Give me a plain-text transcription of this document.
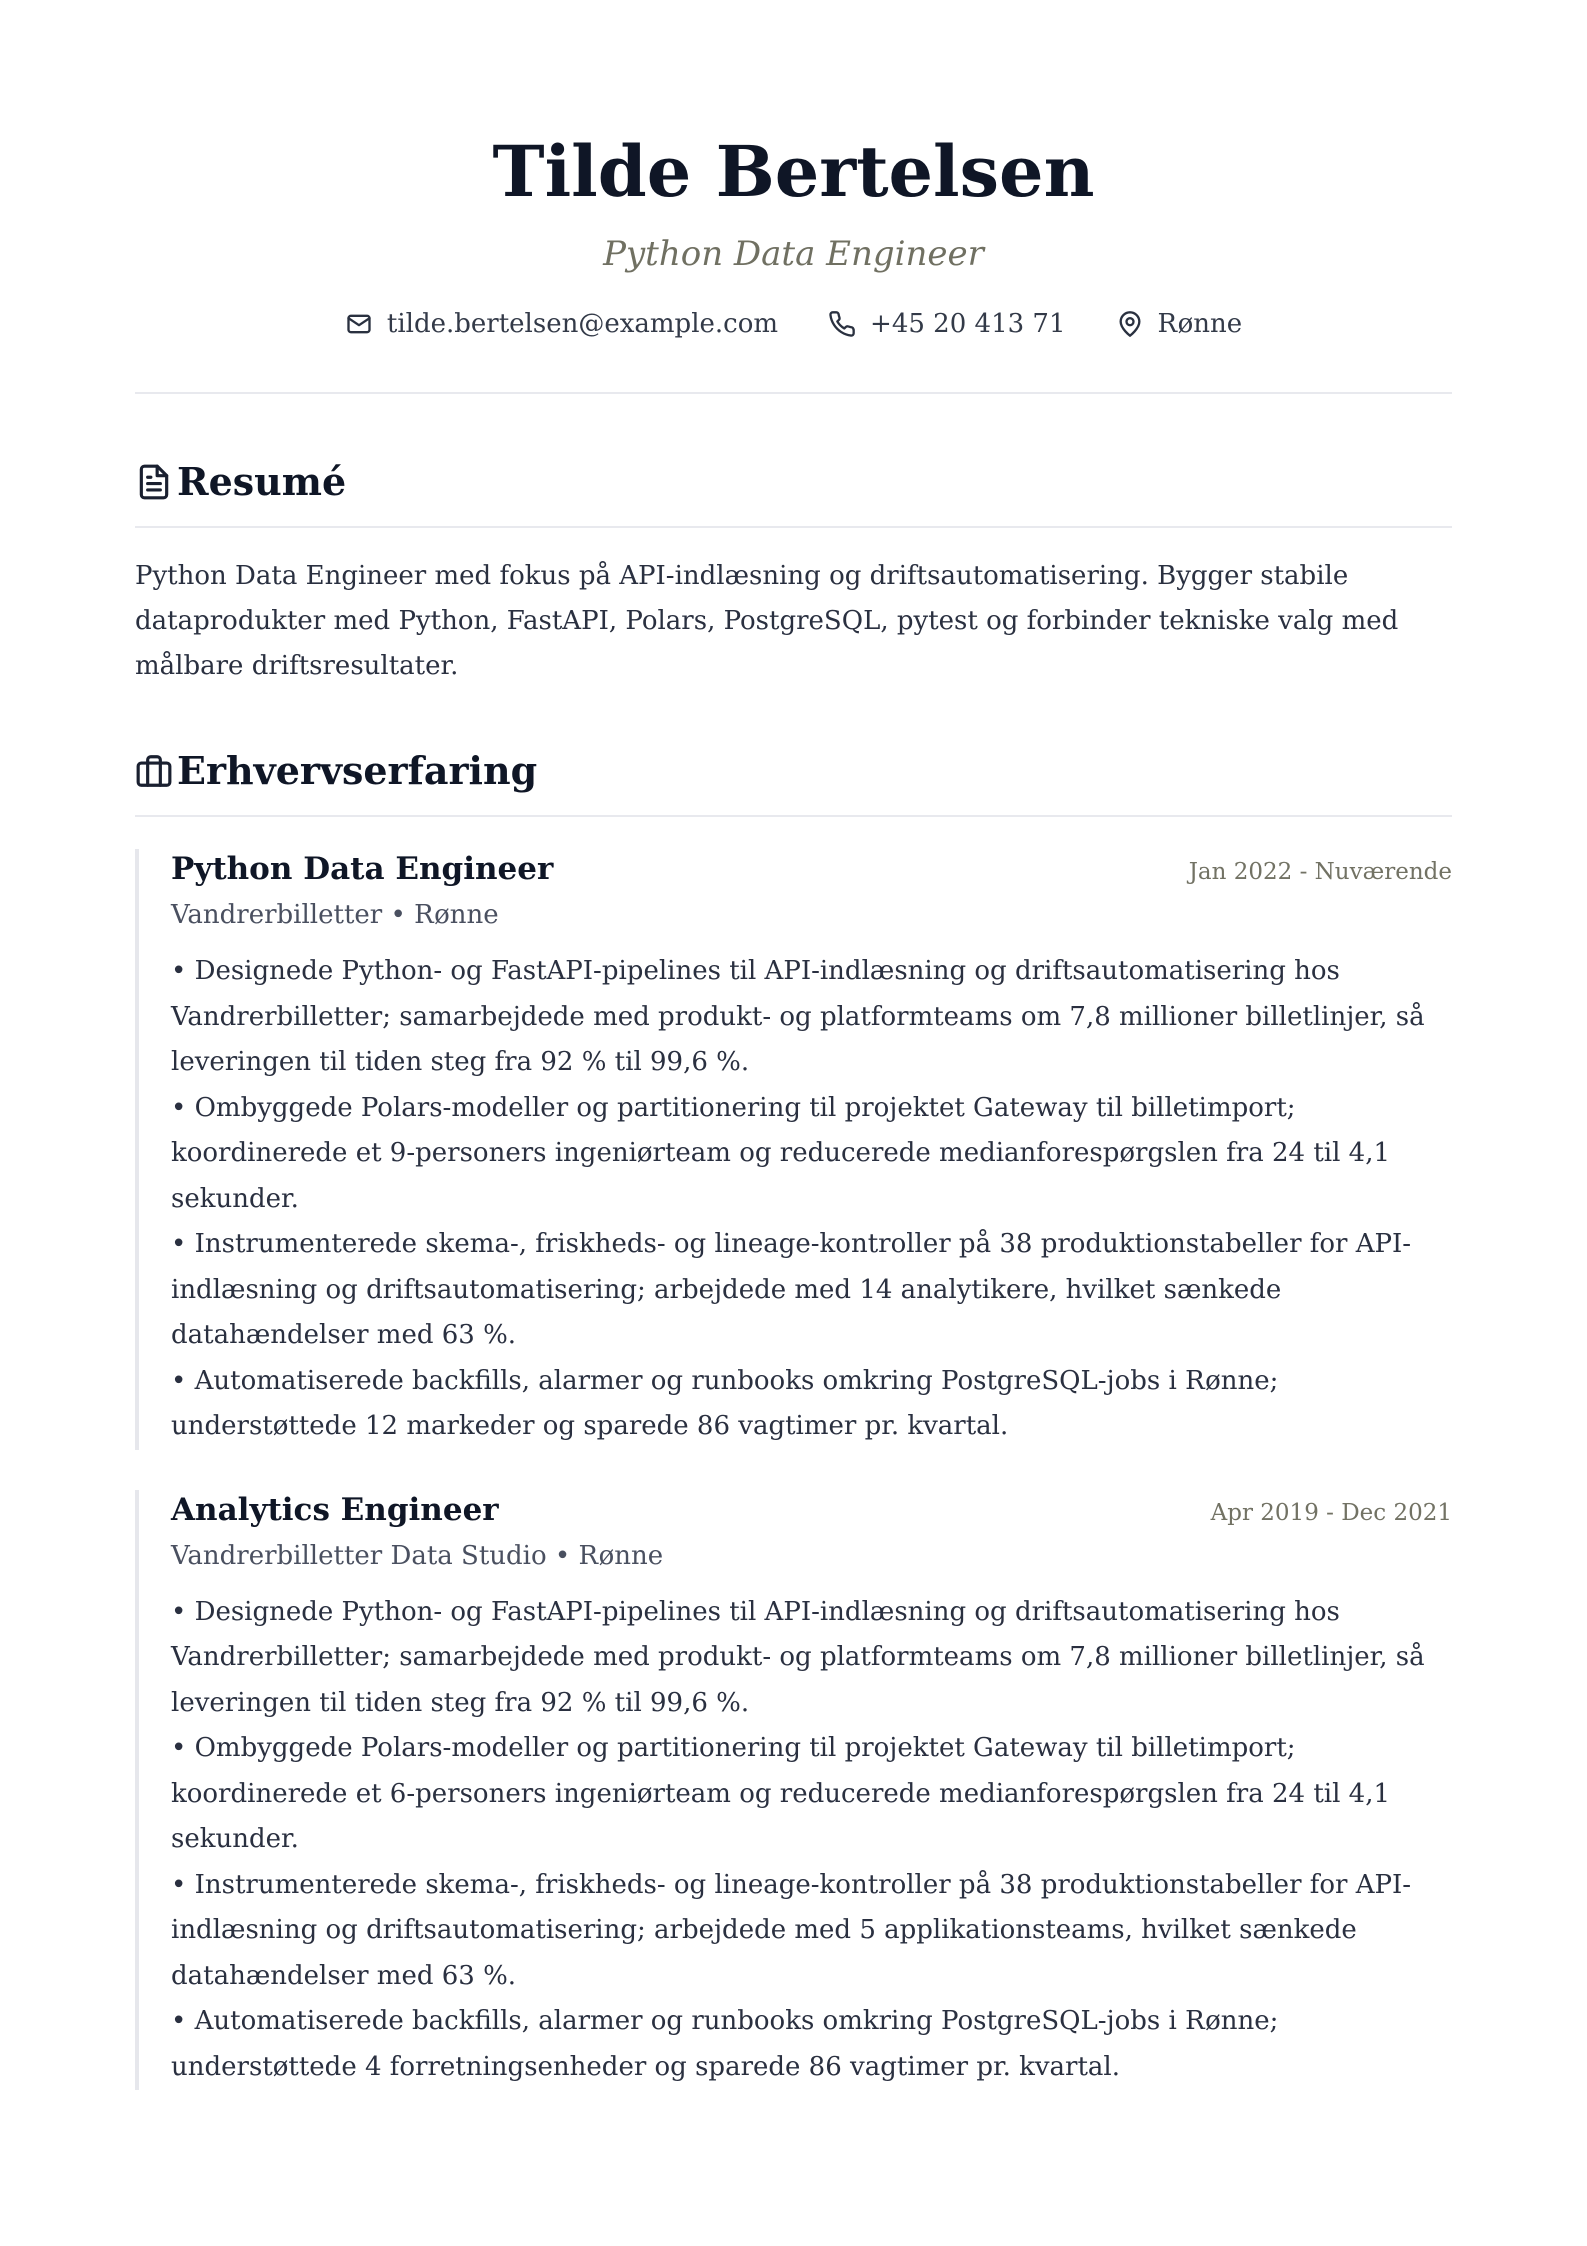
Tilde Bertelsen
Python Data Engineer
tilde.bertelsen@example.com	+45 20 413 71	Rønne
Resumé

Python Data Engineer med fokus på API-indlæsning og driftsautomatisering. Bygger stabile dataprodukter med Python, FastAPI, Polars, PostgreSQL, pytest og forbinder tekniske valg med målbare driftsresultater.

Erhvervserfaring
Python Data Engineer	Jan 2022 - Nuværende
Vandrerbilletter • Rønne

• Designede Python- og FastAPI-pipelines til API-indlæsning og driftsautomatisering hos Vandrerbilletter; samarbejdede med produkt- og platformteams om 7,8 millioner billetlinjer, så leveringen til tiden steg fra 92 % til 99,6 %.

• Ombyggede Polars-modeller og partitionering til projektet Gateway til billetimport; koordinerede et 9-personers ingeniørteam og reducerede medianforespørgslen fra 24 til 4,1 sekunder.

• Instrumenterede skema-, friskheds- og lineage-kontroller på 38 produktionstabeller for API-indlæsning og driftsautomatisering; arbejdede med 14 analytikere, hvilket sænkede datahændelser med 63 %.

• Automatiserede backfills, alarmer og runbooks omkring PostgreSQL-jobs i Rønne; understøttede 12 markeder og sparede 86 vagtimer pr. kvartal.

Analytics Engineer	Apr 2019 - Dec 2021
Vandrerbilletter Data Studio • Rønne

• Designede Python- og FastAPI-pipelines til API-indlæsning og driftsautomatisering hos Vandrerbilletter; samarbejdede med produkt- og platformteams om 7,8 millioner billetlinjer, så leveringen til tiden steg fra 92 % til 99,6 %.

• Ombyggede Polars-modeller og partitionering til projektet Gateway til billetimport; koordinerede et 6-personers ingeniørteam og reducerede medianforespørgslen fra 24 til 4,1 sekunder.

• Instrumenterede skema-, friskheds- og lineage-kontroller på 38 produktionstabeller for API-indlæsning og driftsautomatisering; arbejdede med 5 applikationsteams, hvilket sænkede datahændelser med 63 %.

• Automatiserede backfills, alarmer og runbooks omkring PostgreSQL-jobs i Rønne; understøttede 4 forretningsenheder og sparede 86 vagtimer pr. kvartal.
